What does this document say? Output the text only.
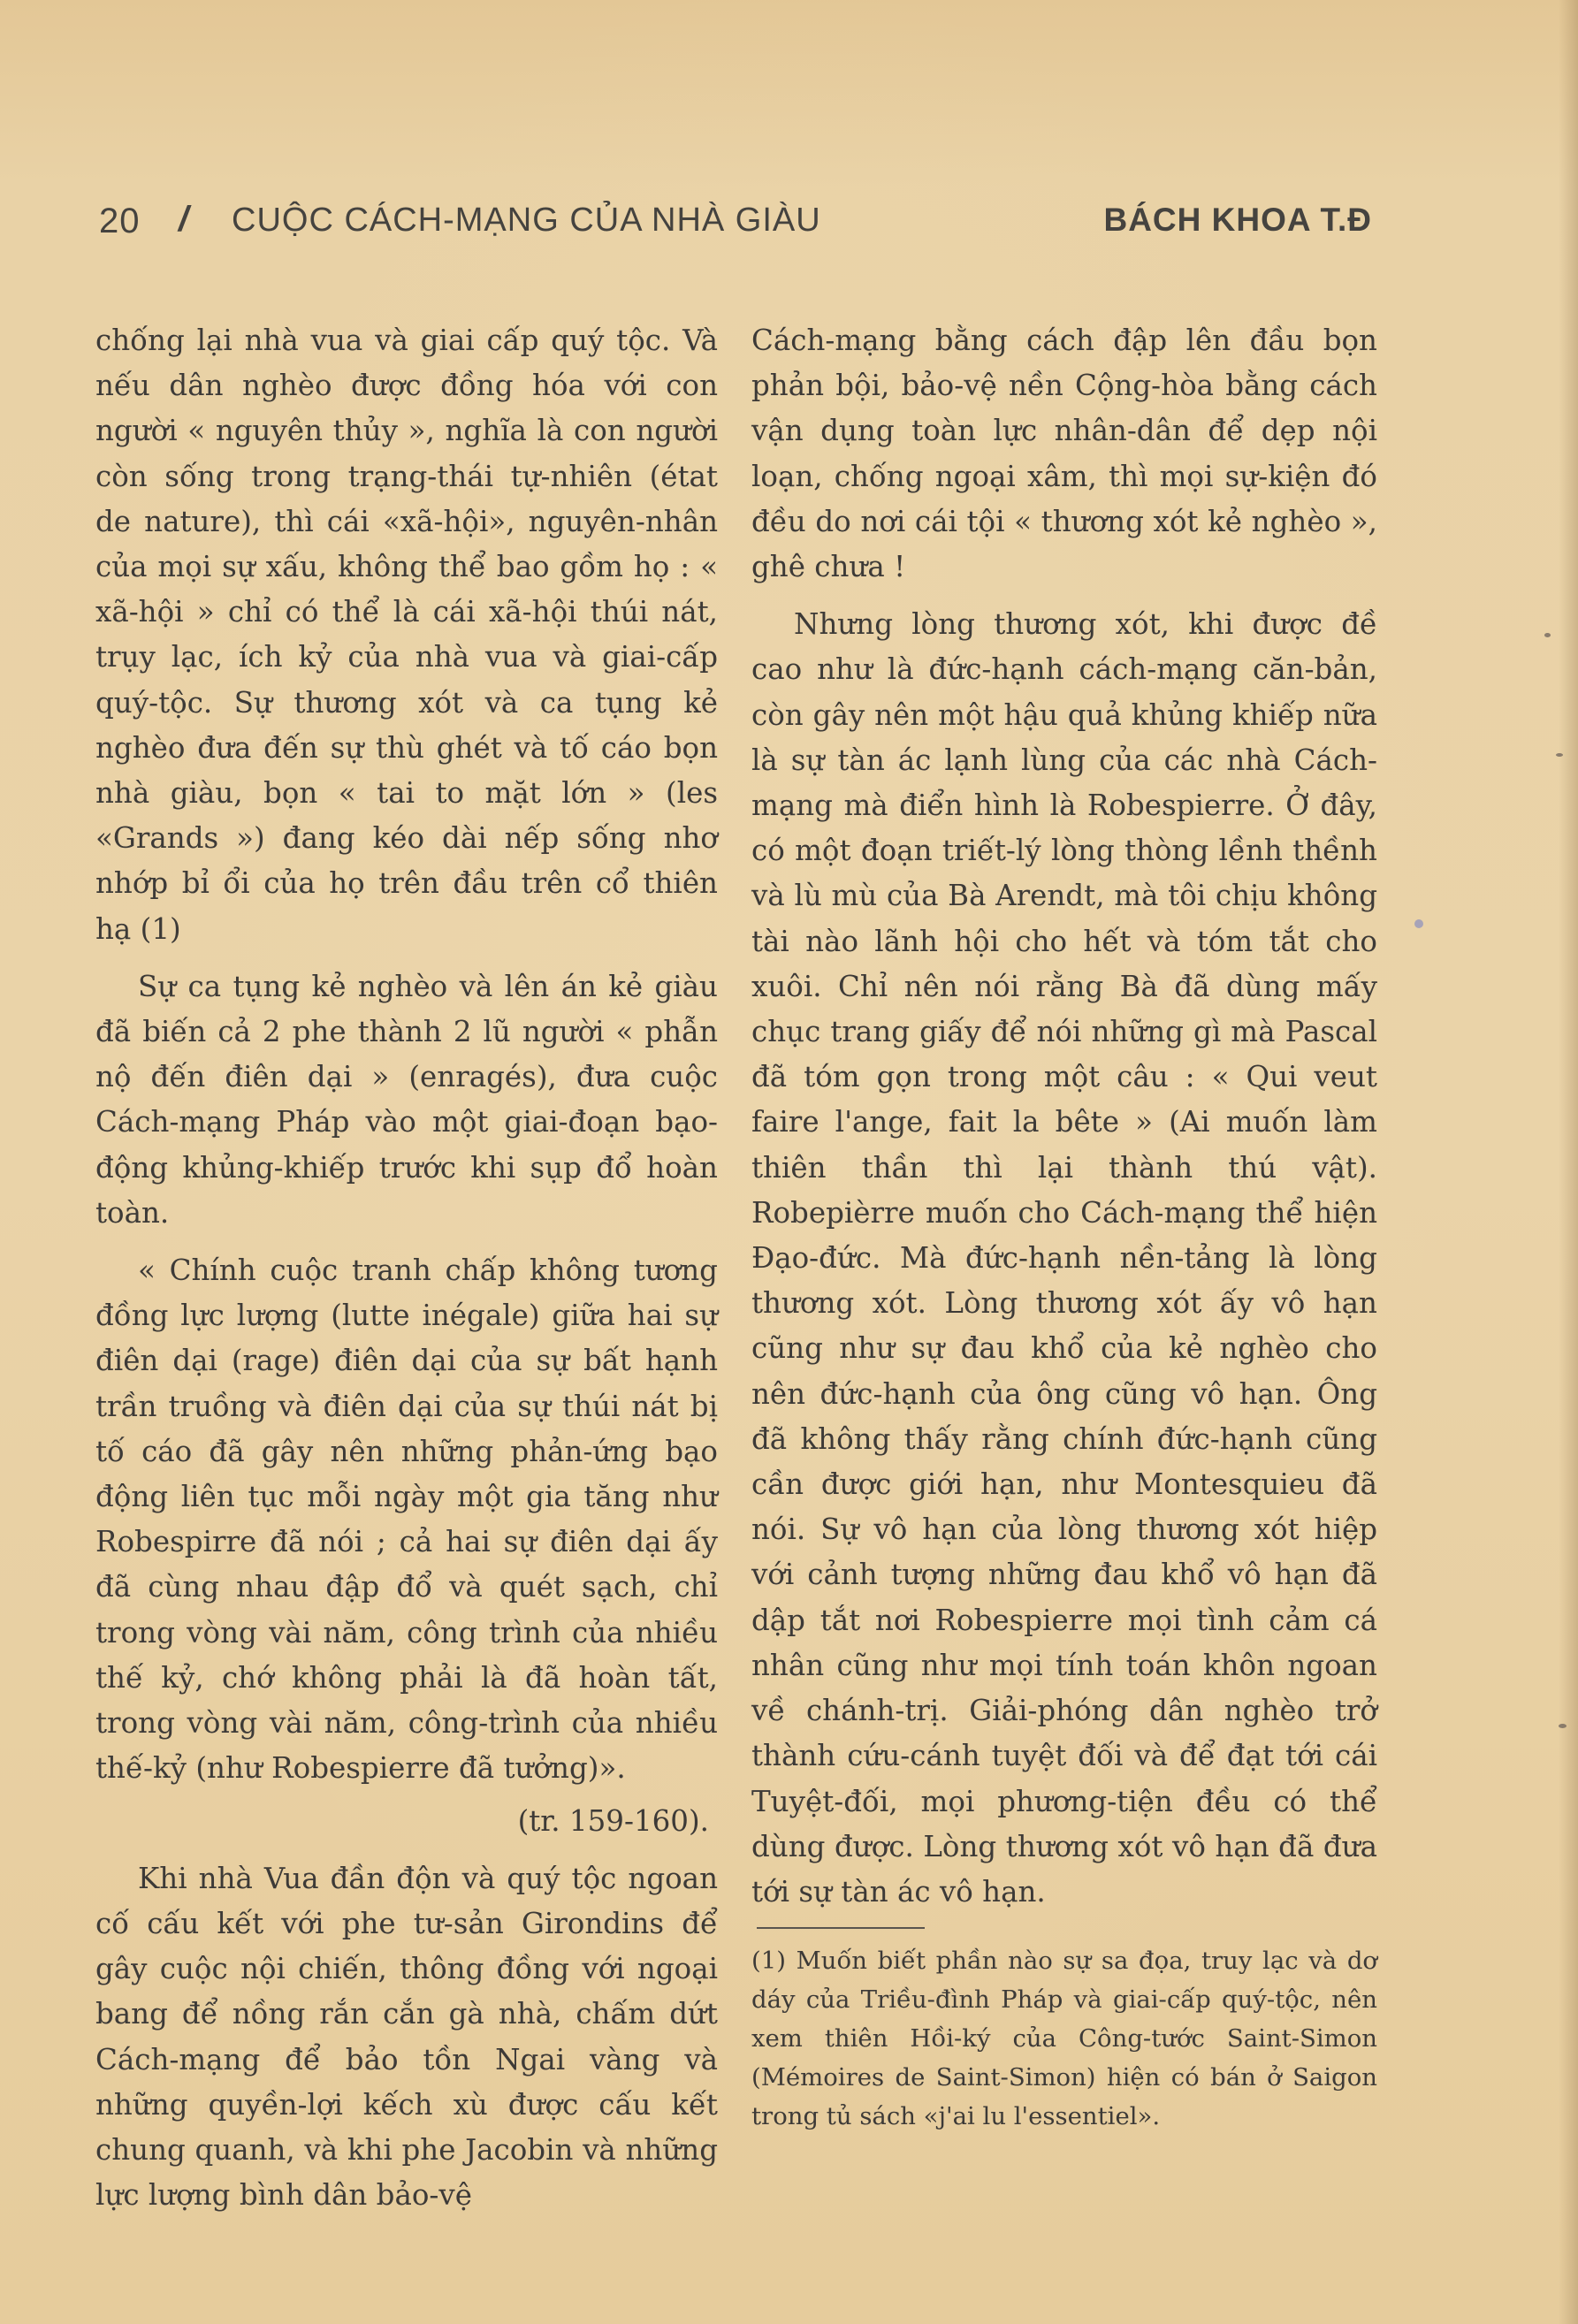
20 / CUỘC CÁCH-MẠNG CỦA NHÀ GIÀU	BÁCH KHOA T.Đ

chống lại nhà vua và giai cấp quý tộc. Và nếu dân nghèo được đồng hóa với con người « nguyên thủy », nghĩa là con người còn sống trong trạng-thái tự-nhiên (état de nature), thì cái «xã-hội», nguyên-nhân của mọi sự xấu, không thể bao gồm họ : « xã-hội » chỉ có thể là cái xã-hội thúi nát, trụy lạc, ích kỷ của nhà vua và giai-cấp quý-tộc. Sự thương xót và ca tụng kẻ nghèo đưa đến sự thù ghét và tố cáo bọn nhà giàu, bọn « tai to mặt lớn » (les «Grands ») đang kéo dài nếp sống nhơ nhớp bỉ ổi của họ trên đầu trên cổ thiên hạ (1)

Sự ca tụng kẻ nghèo và lên án kẻ giàu đã biến cả 2 phe thành 2 lũ người « phẫn nộ đến điên dại » (enragés), đưa cuộc Cách-mạng Pháp vào một giai-đoạn bạo-động khủng-khiếp trước khi sụp đổ hoàn toàn.

« Chính cuộc tranh chấp không tương đồng lực lượng (lutte inégale) giữa hai sự điên dại (rage) điên dại của sự bất hạnh trần truồng và điên dại của sự thúi nát bị tố cáo đã gây nên những phản-ứng bạo động liên tục mỗi ngày một gia tăng như Robespirre đã nói ; cả hai sự điên dại ấy đã cùng nhau đập đổ và quét sạch, chỉ trong vòng vài năm, công trình của nhiều thế kỷ, chớ không phải là đã hoàn tất, trong vòng vài năm, công-trình của nhiều thế-kỷ (như Robespierre đã tưởng)».

(tr. 159-160).

Khi nhà Vua đần độn và quý tộc ngoan cố cấu kết với phe tư-sản Girondins để gây cuộc nội chiến, thông đồng với ngoại bang để nồng rắn cắn gà nhà, chấm dứt Cách-mạng để bảo tồn Ngai vàng và những quyền-lợi kếch xù được cấu kết chung quanh, và khi phe Jacobin và những lực lượng bình dân bảo-vệ

Cách-mạng bằng cách đập lên đầu bọn phản bội, bảo-vệ nền Cộng-hòa bằng cách vận dụng toàn lực nhân-dân để dẹp nội loạn, chống ngoại xâm, thì mọi sự-kiện đó đều do nơi cái tội « thương xót kẻ nghèo », ghê chưa !

Nhưng lòng thương xót, khi được đề cao như là đức-hạnh cách-mạng căn-bản, còn gây nên một hậu quả khủng khiếp nữa là sự tàn ác lạnh lùng của các nhà Cách-mạng mà điển hình là Robespierre. Ở đây, có một đoạn triết-lý lòng thòng lềnh thềnh và lù mù của Bà Arendt, mà tôi chịu không tài nào lãnh hội cho hết và tóm tắt cho xuôi. Chỉ nên nói rằng Bà đã dùng mấy chục trang giấy để nói những gì mà Pascal đã tóm gọn trong một câu : « Qui veut faire l'ange, fait la bête » (Ai muốn làm thiên thần thì lại thành thú vật). Robepièrre muốn cho Cách-mạng thể hiện Đạo-đức. Mà đức-hạnh nền-tảng là lòng thương xót. Lòng thương xót ấy vô hạn cũng như sự đau khổ của kẻ nghèo cho nên đức-hạnh của ông cũng vô hạn. Ông đã không thấy rằng chính đức-hạnh cũng cần được giới hạn, như Montesquieu đã nói. Sự vô hạn của lòng thương xót hiệp với cảnh tượng những đau khổ vô hạn đã dập tắt nơi Robespierre mọi tình cảm cá nhân cũng như mọi tính toán khôn ngoan về chánh-trị. Giải-phóng dân nghèo trở thành cứu-cánh tuyệt đối và để đạt tới cái Tuyệt-đối, mọi phương-tiện đều có thể dùng được. Lòng thương xót vô hạn đã đưa tới sự tàn ác vô hạn.

(1) Muốn biết phần nào sự sa đọa, truy lạc và dơ dáy của Triều-đình Pháp và giai-cấp quý-tộc, nên xem thiên Hồi-ký của Công-tước Saint-Simon (Mémoires de Saint-Simon) hiện có bán ở Saigon trong tủ sách «j'ai lu l'essentiel».
